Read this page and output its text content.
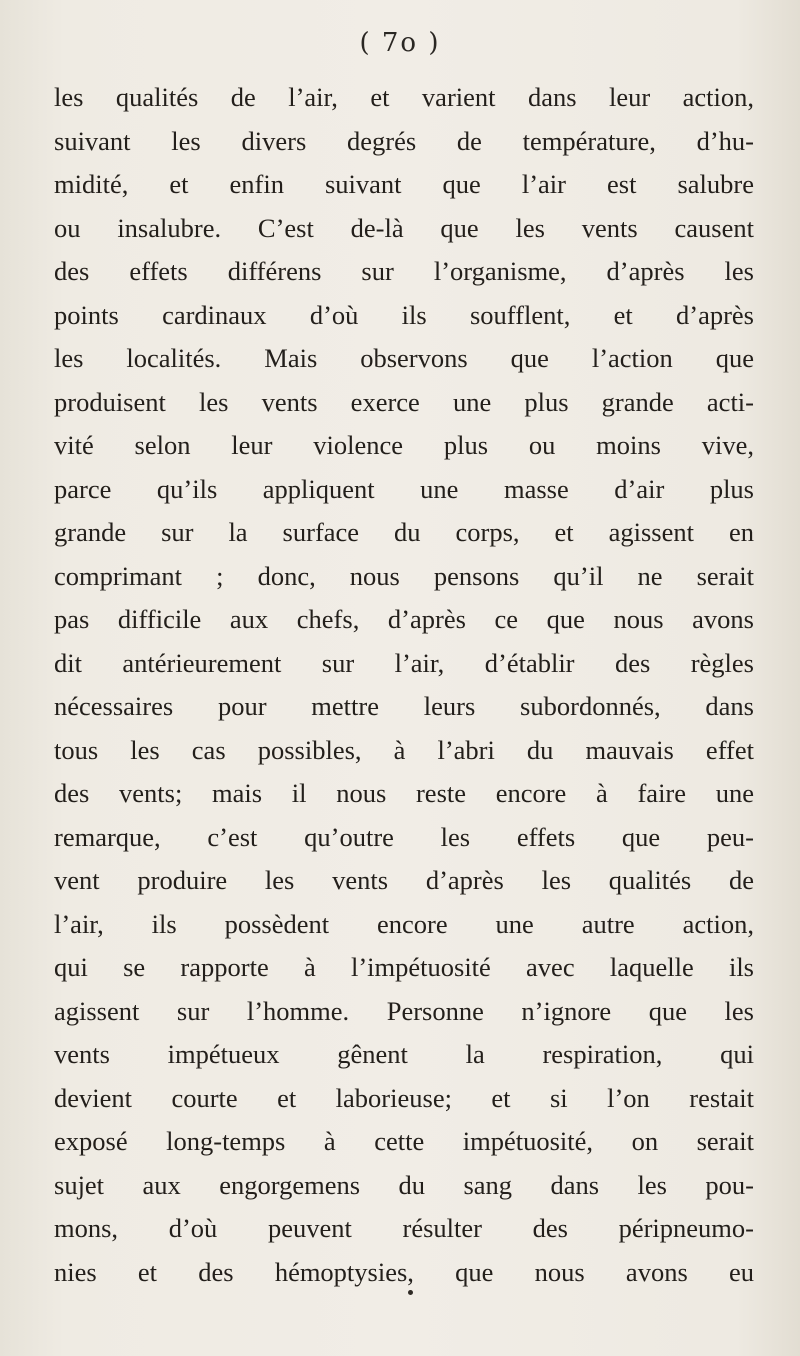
( 7o )
les qualités de l’air, et varient dans leur action,
suivant les divers degrés de température, d’hu-
midité, et enfin suivant que l’air est salubre
ou insalubre. C’est de-là que les vents causent
des effets différens sur l’organisme, d’après les
points cardinaux d’où ils soufflent, et d’après
les localités. Mais observons que l’action que
produisent les vents exerce une plus grande acti-
vité selon leur violence plus ou moins vive,
parce qu’ils appliquent une masse d’air plus
grande sur la surface du corps, et agissent en
comprimant ; donc, nous pensons qu’il ne serait
pas difficile aux chefs, d’après ce que nous avons
dit antérieurement sur l’air, d’établir des règles
nécessaires pour mettre leurs subordonnés, dans
tous les cas possibles, à l’abri du mauvais effet
des vents; mais il nous reste encore à faire une
remarque, c’est qu’outre les effets que peu-
vent produire les vents d’après les qualités de
l’air, ils possèdent encore une autre action,
qui se rapporte à l’impétuosité avec laquelle ils
agissent sur l’homme. Personne n’ignore que les
vents impétueux gênent la respiration, qui
devient courte et laborieuse; et si l’on restait
exposé long-temps à cette impétuosité, on serait
sujet aux engorgemens du sang dans les pou-
mons, d’où peuvent résulter des péripneumo-
nies et des hémoptysies, que nous avons eu
